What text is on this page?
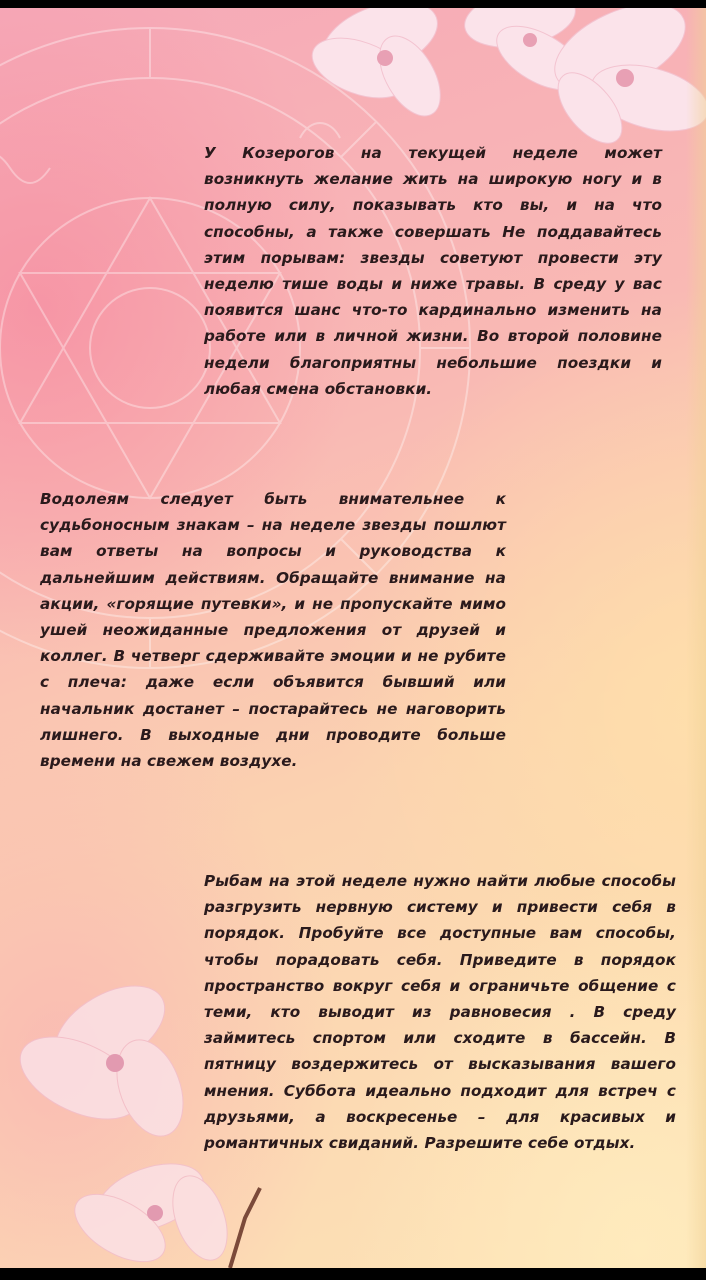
У Козерогов на текущей неделе может возникнуть желание жить на широкую ногу и в полную силу, показывать кто вы, и на что способны, а также совершать Не поддавайтесь этим порывам: звезды советуют провести эту неделю тише воды и ниже травы. В среду у вас появится шанс что-то кардинально изменить на работе или в личной жизни. Во второй половине недели благоприятны небольшие поездки и любая смена обстановки.

Водолеям следует быть внимательнее к судьбоносным знакам – на неделе звезды пошлют вам ответы на вопросы и руководства к дальнейшим действиям. Обращайте внимание на акции, «горящие путевки», и не пропускайте мимо ушей неожиданные предложения от друзей и коллег. В четверг сдерживайте эмоции и не рубите с плеча: даже если объявится бывший или начальник достанет – постарайтесь не наговорить лишнего. В выходные дни проводите больше времени на свежем воздухе.

Рыбам на этой неделе нужно найти любые способы разгрузить нервную систему и привести себя в порядок. Пробуйте все доступные вам способы, чтобы порадовать себя. Приведите в порядок пространство вокруг себя и ограничьте общение с теми, кто выводит из равновесия . В среду займитесь спортом или сходите в бассейн. В пятницу воздержитесь от высказывания вашего мнения. Суббота идеально подходит для встреч с друзьями, а воскресенье – для красивых и романтичных свиданий. Разрешите себе отдых.
